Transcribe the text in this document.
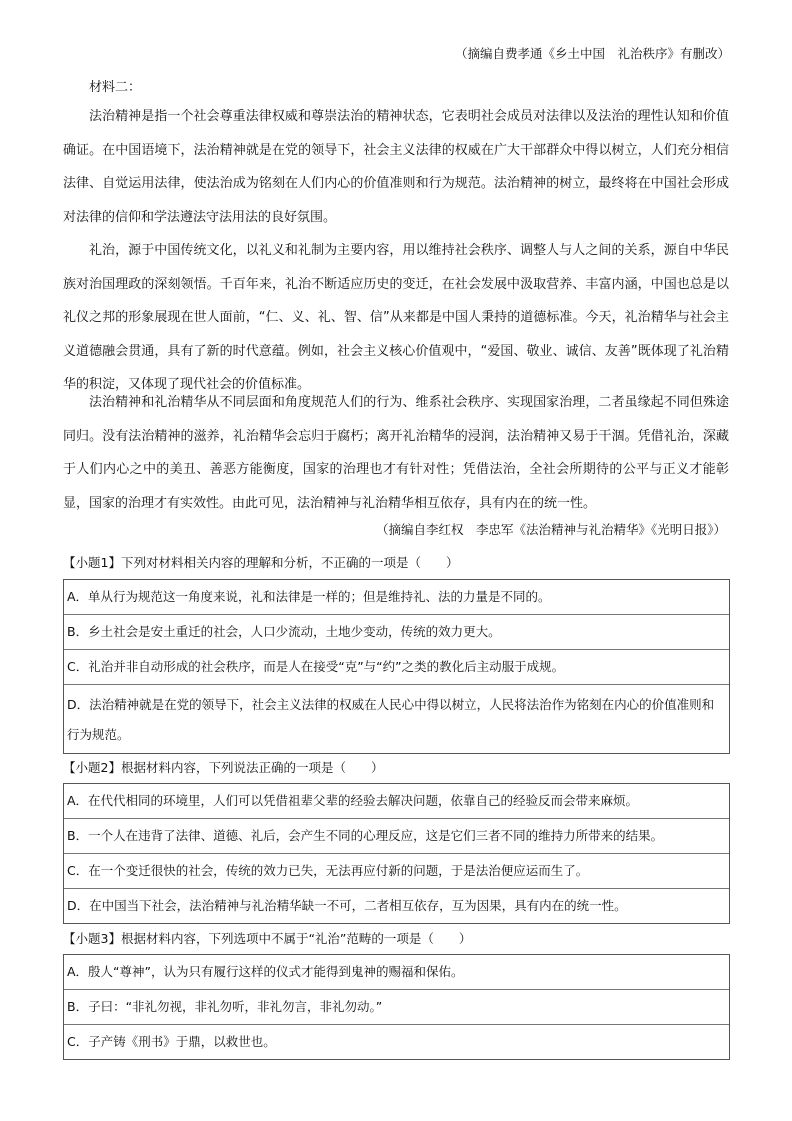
（摘编自费孝通《乡土中国　礼治秩序》有删改）
材料二：

法治精神是指一个社会尊重法律权威和尊崇法治的精神状态，它表明社会成员对法律以及法治的理性认知和价值确证。在中国语境下，法治精神就是在党的领导下，社会主义法律的权威在广大干部群众中得以树立，人们充分相信法律、自觉运用法律，使法治成为铭刻在人们内心的价值准则和行为规范。法治精神的树立，最终将在中国社会形成对法律的信仰和学法遵法守法用法的良好氛围。

礼治，源于中国传统文化，以礼义和礼制为主要内容，用以维持社会秩序、调整人与人之间的关系，源自中华民族对治国理政的深刻领悟。千百年来，礼治不断适应历史的变迁，在社会发展中汲取营养、丰富内涵，中国也总是以礼仪之邦的形象展现在世人面前，“仁、义、礼、智、信”从来都是中国人秉持的道德标准。今天，礼治精华与社会主义道德融会贯通，具有了新的时代意蕴。例如，社会主义核心价值观中，“爱国、敬业、诚信、友善”既体现了礼治精华的积淀，又体现了现代社会的价值标准。

法治精神和礼治精华从不同层面和角度规范人们的行为、维系社会秩序、实现国家治理，二者虽缘起不同但殊途同归。没有法治精神的滋养，礼治精华会忘归于腐朽；离开礼治精华的浸润，法治精神又易于干涸。凭借礼治，深藏于人们内心之中的美丑、善恶方能衡度，国家的治理也才有针对性；凭借法治，全社会所期待的公平与正义才能彰显，国家的治理才有实效性。由此可见，法治精神与礼治精华相互依存，具有内在的统一性。

（摘编自李红权　李忠军《法治精神与礼治精华》《光明日报》）
【小题1】下列对材料相关内容的理解和分析，不正确的一项是（　　）
A．单从行为规范这一角度来说，礼和法律是一样的；但是维持礼、法的力量是不同的。
B．乡土社会是安土重迁的社会，人口少流动，土地少变动，传统的效力更大。
C．礼治并非自动形成的社会秩序，而是人在接受“克”与“约”之类的教化后主动服于成规。
D．法治精神就是在党的领导下，社会主义法律的权威在人民心中得以树立，人民将法治作为铭刻在内心的价值准则和行为规范。
【小题2】根据材料内容，下列说法正确的一项是（　　）
A．在代代相同的环境里，人们可以凭借祖辈父辈的经验去解决问题，依靠自己的经验反而会带来麻烦。
B．一个人在违背了法律、道德、礼后，会产生不同的心理反应，这是它们三者不同的维持力所带来的结果。
C．在一个变迁很快的社会，传统的效力已失，无法再应付新的问题，于是法治便应运而生了。
D．在中国当下社会，法治精神与礼治精华缺一不可，二者相互依存，互为因果，具有内在的统一性。
【小题3】根据材料内容，下列选项中不属于“礼治”范畴的一项是（　　）
A．殷人“尊神”，认为只有履行这样的仪式才能得到鬼神的赐福和保佑。
B．子曰：“非礼勿视，非礼勿听，非礼勿言，非礼勿动。”
C．子产铸《刑书》于鼎，以救世也。
